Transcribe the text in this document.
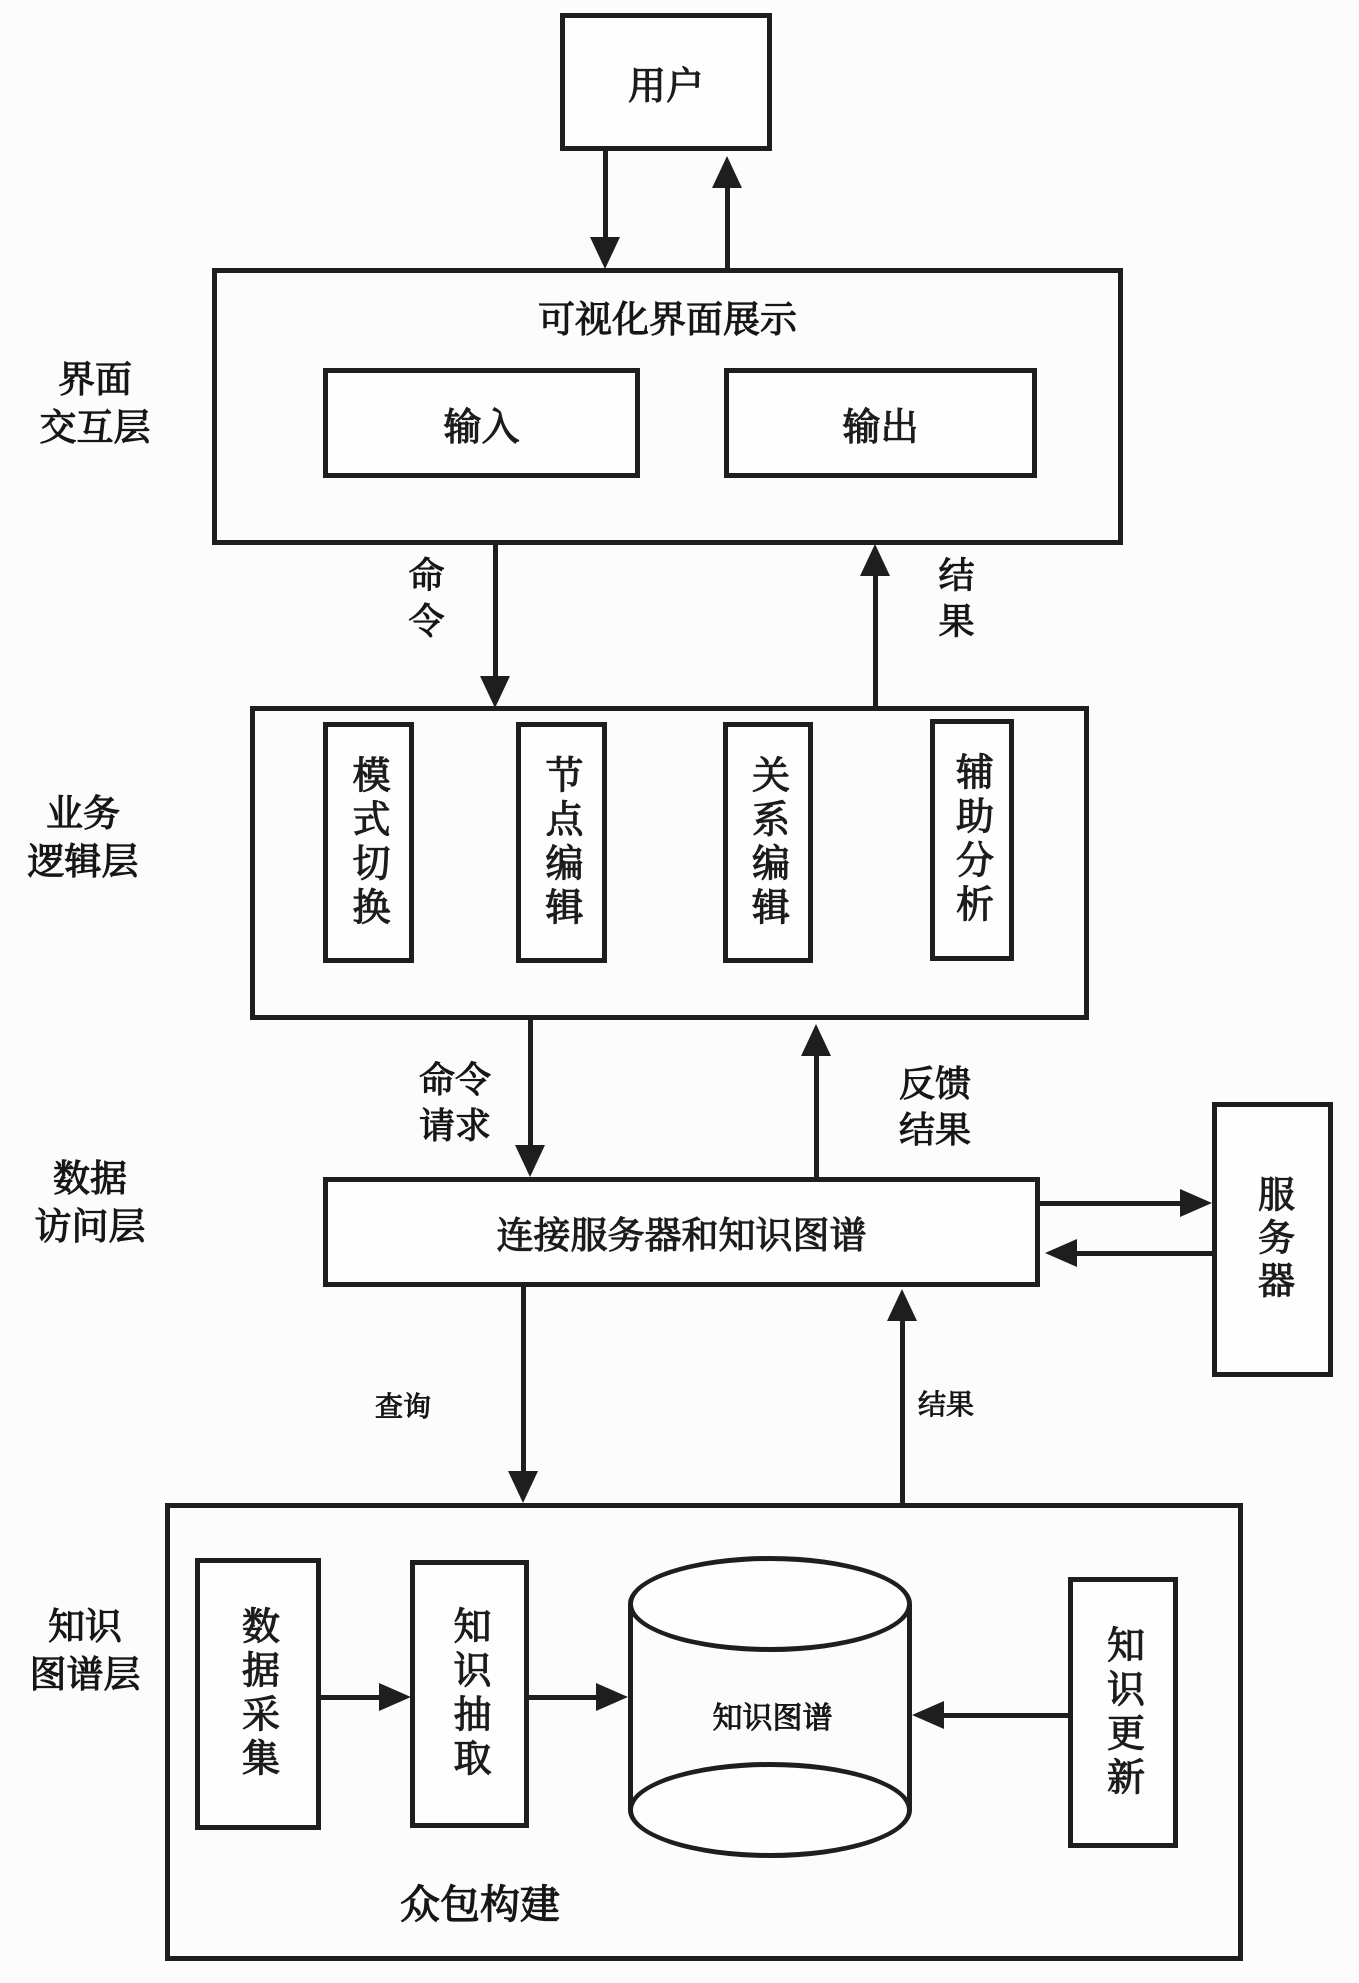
用户
界面
交互层
可视化界面展示
输入	输出
命令	结果
业务
逻辑层	模式切换	节点编辑	关系编辑	辅助分析
命令
请求
反馈
结果
数据
访问层	连接服务器和知识图谱	服务器
查询	结果
知识
图谱层	数据采集	知识抽取	知识图谱	知识更新
众包构建
